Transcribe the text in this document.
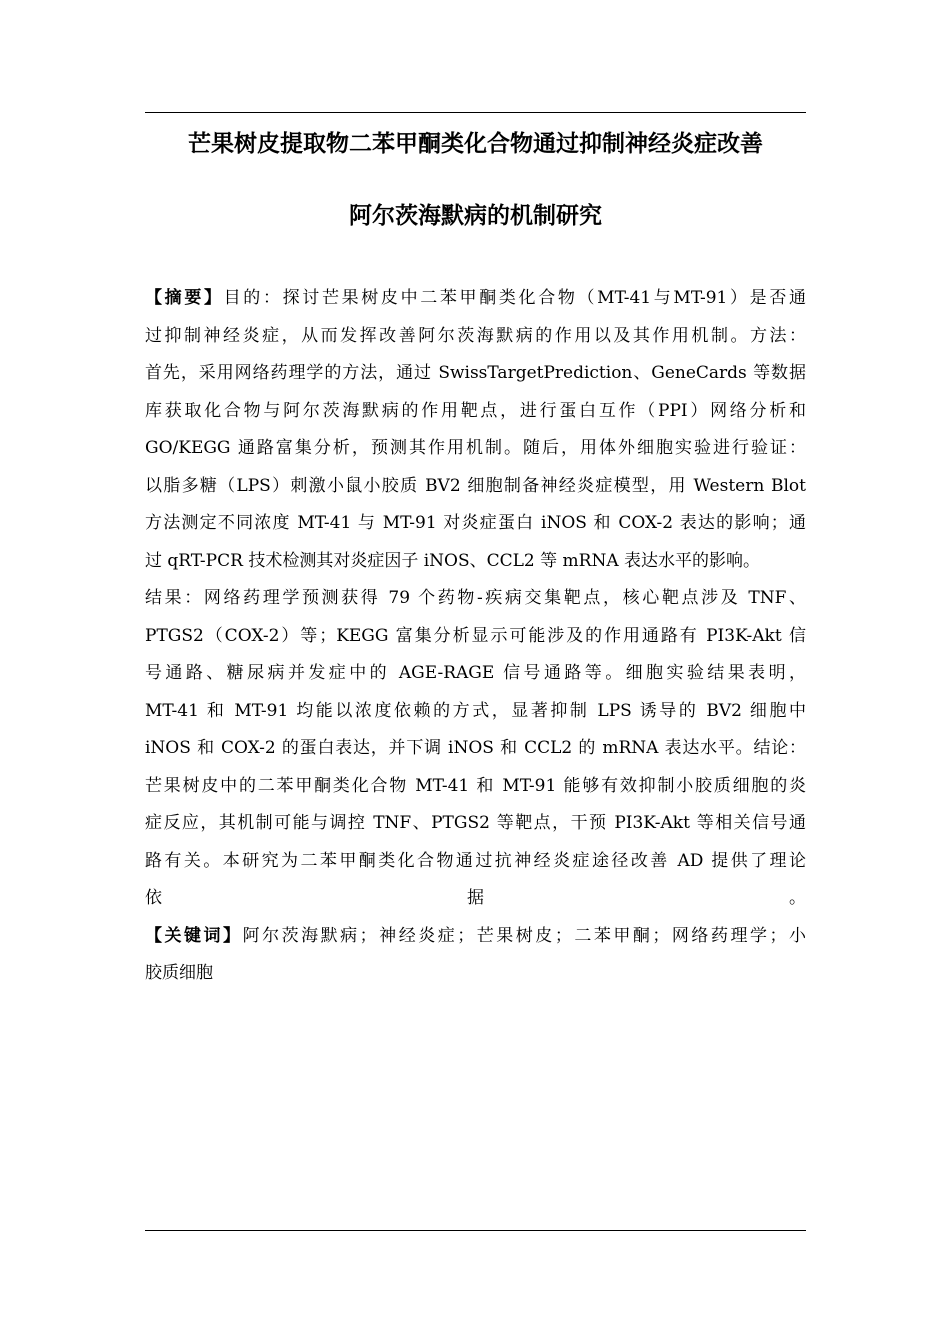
芒果树皮提取物二苯甲酮类化合物通过抑制神经炎症改善
阿尔茨海默病的机制研究
【摘要】目的：探讨芒果树皮中二苯甲酮类化合物（MT-41与MT-91）是否通
过抑制神经炎症，从而发挥改善阿尔茨海默病的作用以及其作用机制。方法：
首先，采用网络药理学的方法，通过 SwissTargetPrediction、GeneCards 等数据
库获取化合物与阿尔茨海默病的作用靶点，进行蛋白互作（PPI）网络分析和
GO/KEGG 通路富集分析，预测其作用机制。随后，用体外细胞实验进行验证：
以脂多糖（LPS）刺激小鼠小胶质 BV2 细胞制备神经炎症模型，用 Western Blot
方法测定不同浓度 MT-41 与 MT-91 对炎症蛋白 iNOS 和 COX-2 表达的影响；通
过 qRT-PCR 技术检测其对炎症因子 iNOS、CCL2 等 mRNA 表达水平的影响。
结果：网络药理学预测获得 79 个药物-疾病交集靶点，核心靶点涉及 TNF、
PTGS2（COX-2）等；KEGG 富集分析显示可能涉及的作用通路有 PI3K-Akt 信
号通路、糖尿病并发症中的 AGE-RAGE 信号通路等。细胞实验结果表明，
MT-41 和 MT-91 均能以浓度依赖的方式，显著抑制 LPS 诱导的 BV2 细胞中
iNOS 和 COX-2 的蛋白表达，并下调 iNOS 和 CCL2 的 mRNA 表达水平。结论：
芒果树皮中的二苯甲酮类化合物 MT-41 和 MT-91 能够有效抑制小胶质细胞的炎
症反应，其机制可能与调控 TNF、PTGS2 等靶点，干预 PI3K-Akt 等相关信号通
路有关。本研究为二苯甲酮类化合物通过抗神经炎症途径改善 AD 提供了理论
依 据 。
【关键词】阿尔茨海默病；神经炎症；芒果树皮；二苯甲酮；网络药理学；小
胶质细胞
